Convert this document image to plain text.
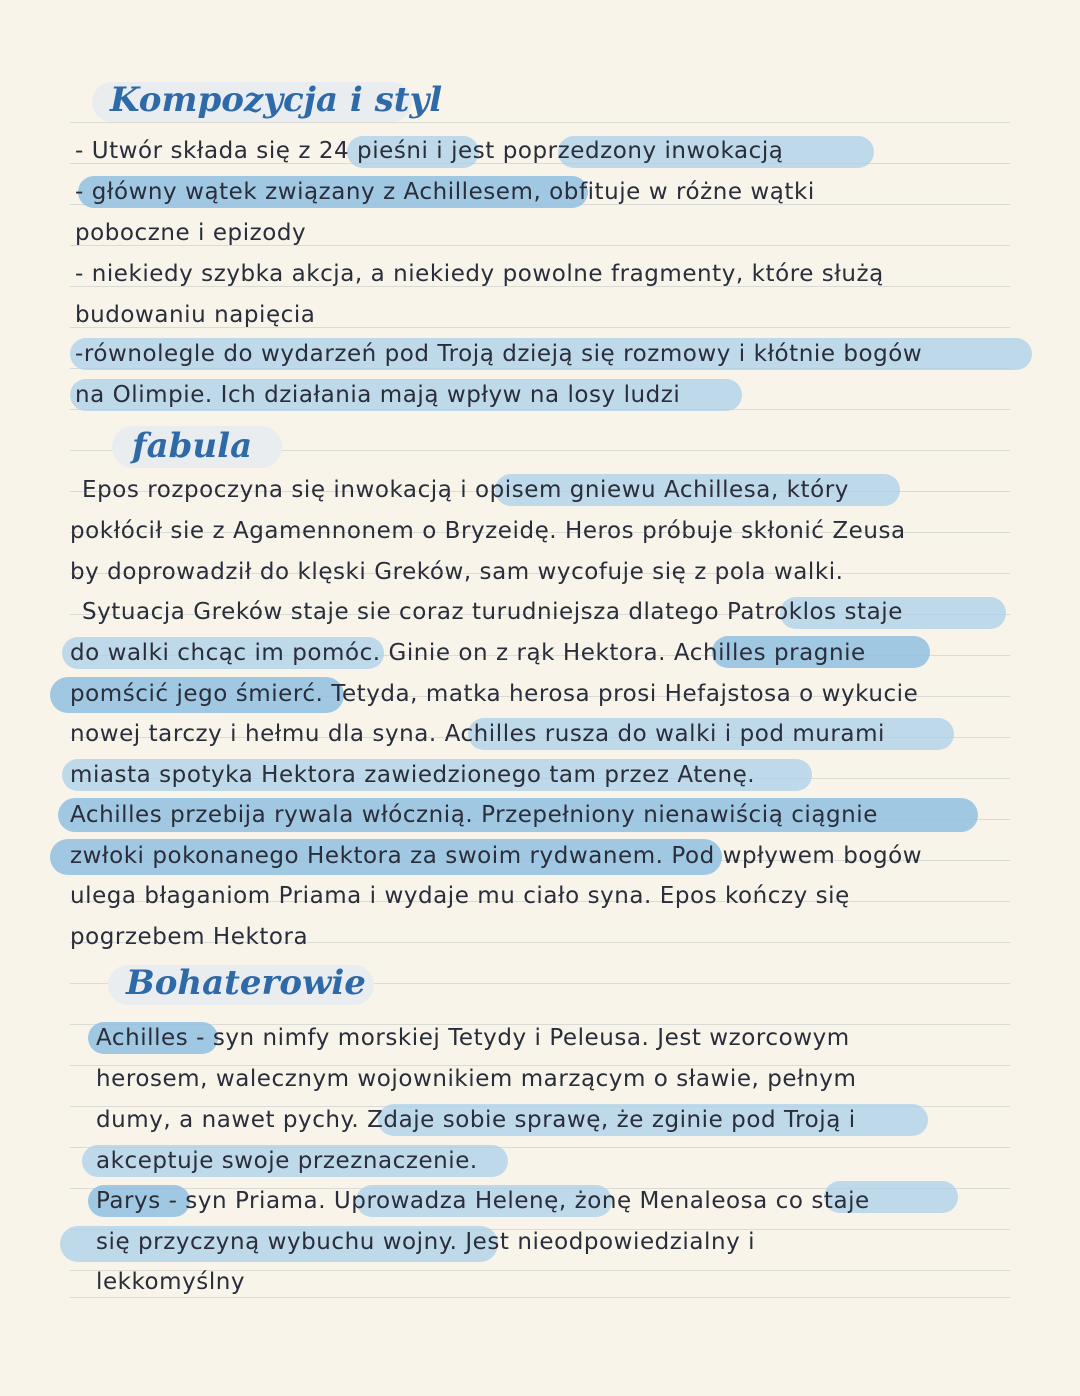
Kompozycja i styl
- Utwór składa się z 24 pieśni i jest poprzedzony inwokacją
- główny wątek związany z Achillesem, obfituje w różne wątki
poboczne i epizody
- niekiedy szybka akcja, a niekiedy powolne fragmenty, które służą
budowaniu napięcia
-równolegle do wydarzeń pod Troją dzieją się rozmowy i kłótnie bogów
na Olimpie. Ich działania mają wpływ na losy ludzi
fabula
Epos rozpoczyna się inwokacją i opisem gniewu Achillesa, który
pokłócił sie z Agamennonem o Bryzeidę. Heros próbuje skłonić Zeusa
by doprowadził do klęski Greków, sam wycofuje się z pola walki.
Sytuacja Greków staje sie coraz turudniejsza dlatego Patroklos staje
do walki chcąc im pomóc. Ginie on z rąk Hektora. Achilles pragnie
pomścić jego śmierć. Tetyda, matka herosa prosi Hefajstosa o wykucie
nowej tarczy i hełmu dla syna. Achilles rusza do walki i pod murami
miasta spotyka Hektora zawiedzionego tam przez Atenę.
Achilles przebija rywala włócznią. Przepełniony nienawiścią ciągnie
zwłoki pokonanego Hektora za swoim rydwanem. Pod wpływem bogów
ulega błaganiom Priama i wydaje mu ciało syna. Epos kończy się
pogrzebem Hektora
Bohaterowie
Achilles - syn nimfy morskiej Tetydy i Peleusa. Jest wzorcowym
herosem, walecznym wojownikiem marzącym o sławie, pełnym
dumy, a nawet pychy. Zdaje sobie sprawę, że zginie pod Troją i
akceptuje swoje przeznaczenie.
Parys - syn Priama. Uprowadza Helenę, żonę Menaleosa co staje
się przyczyną wybuchu wojny. Jest nieodpowiedzialny i
lekkomyślny
